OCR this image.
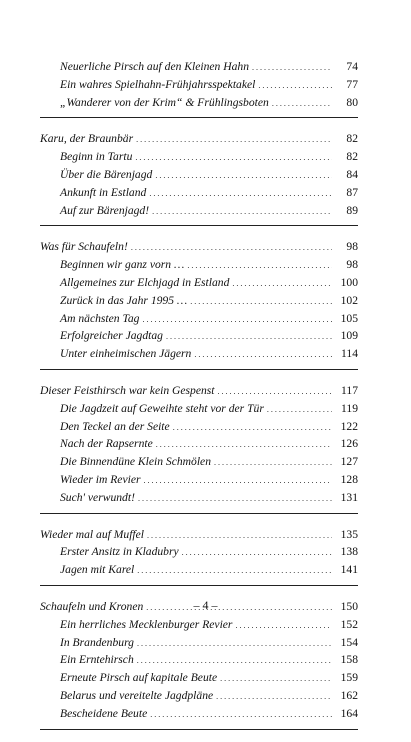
Neuerliche Pirsch auf den Kleinen Hahn . . .	74
Ein wahres Spielhahn-Frühjahrsspektakel . . .	77
„Wanderer von der Krim“ & Frühlingsboten . . .	80
Karu, der Braunbär . . .	82
Beginn in Tartu . . .	82
Über die Bärenjagd . . .	84
Ankunft in Estland . . .	87
Auf zur Bärenjagd! . . .	89
Was für Schaufeln! . . .	98
Beginnen wir ganz vorn … . . .	98
Allgemeines zur Elchjagd in Estland . . .	100
Zurück in das Jahr 1995 … . . .	102
Am nächsten Tag . . .	105
Erfolgreicher Jagdtag . . .	109
Unter einheimischen Jägern . . .	114
Dieser Feisthirsch war kein Gespenst . . .	117
Die Jagdzeit auf Geweihte steht vor der Tür . . .	119
Den Teckel an der Seite . . .	122
Nach der Rapsernte . . .	126
Die Binnendüne Klein Schmölen . . .	127
Wieder im Revier . . .	128
Such' verwundt! . . .	131
Wieder mal auf Muffel . . .	135
Erster Ansitz in Kladubry . . .	138
Jagen mit Karel . . .	141
Schaufeln und Kronen . . .	150
Ein herrliches Mecklenburger Revier . . .	152
In Brandenburg . . .	154
Ein Erntehirsch . . .	158
Erneute Pirsch auf kapitale Beute . . .	159
Belarus und vereitelte Jagdpläne . . .	162
Bescheidene Beute . . .	164
– 4 –
